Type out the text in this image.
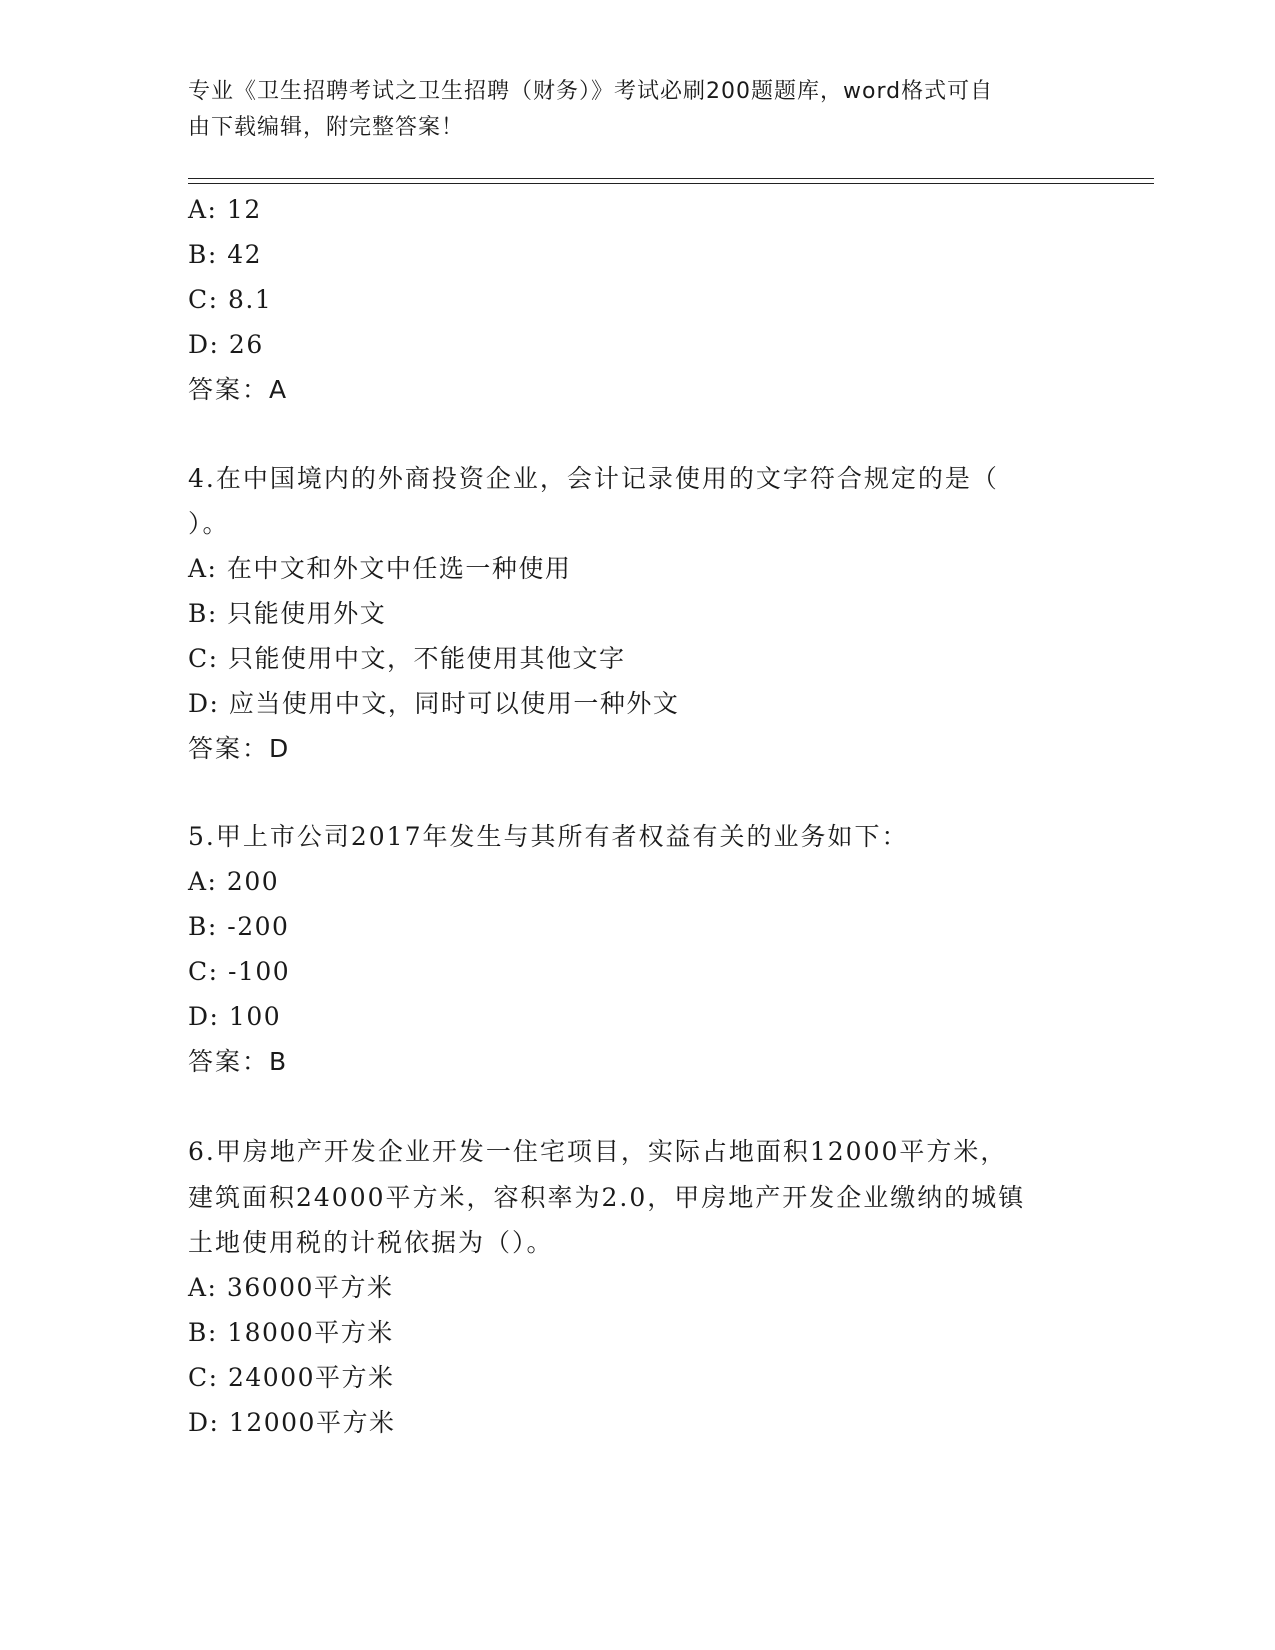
专业《卫生招聘考试之卫生招聘（财务）》考试必刷200题题库，word格式可自
由下载编辑，附完整答案！
A: 12
B: 42
C: 8.1
D: 26
答案：A
4.在中国境内的外商投资企业，会计记录使用的文字符合规定的是（
）。
A: 在中文和外文中任选一种使用
B: 只能使用外文
C: 只能使用中文，不能使用其他文字
D: 应当使用中文，同时可以使用一种外文
答案：D
5.甲上市公司2017年发生与其所有者权益有关的业务如下：
A: 200
B: -200
C: -100
D: 100
答案：B
6.甲房地产开发企业开发一住宅项目，实际占地面积12000平方米，
建筑面积24000平方米，容积率为2.0，甲房地产开发企业缴纳的城镇
土地使用税的计税依据为（）。
A: 36000平方米
B: 18000平方米
C: 24000平方米
D: 12000平方米
